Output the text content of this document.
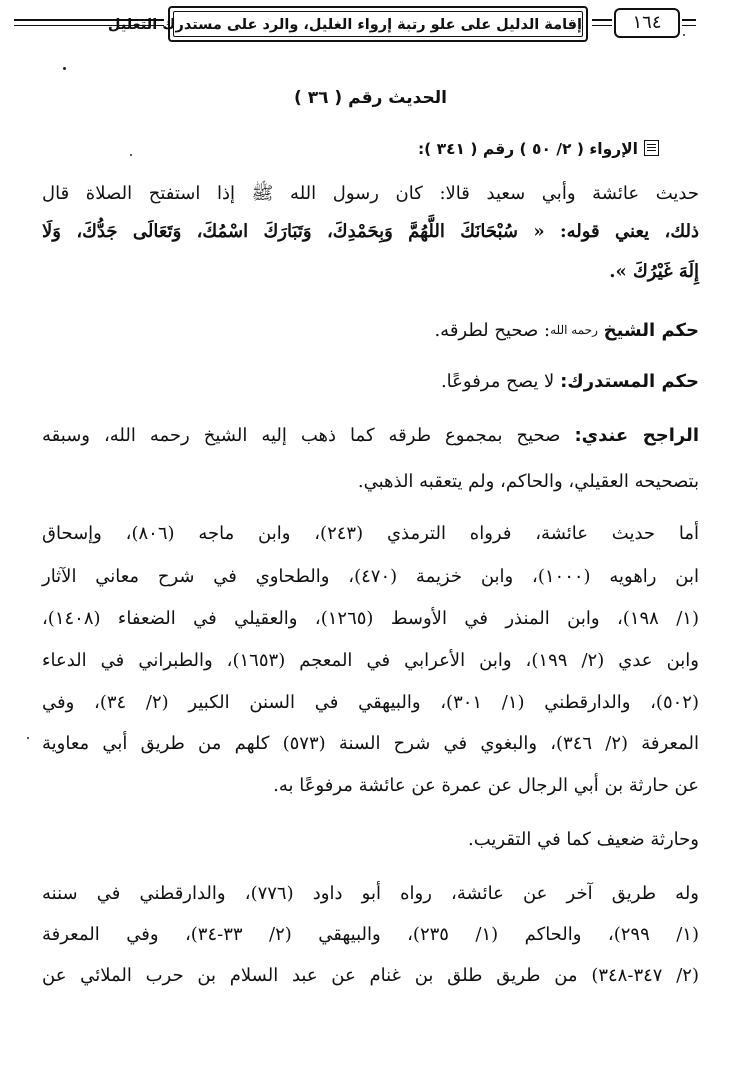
إقامة الدليل على علو رتبة إرواء الغليل، والرد على مستدرك التعليل	١٦٤
الحديث رقم ( ٣٦ )
الإرواء ( ٢/ ٥٠ ) رقم ( ٣٤١ ):
حديث عائشة وأبي سعيد قالا: كان رسول الله ﷺ إذا استفتح الصلاة قال
ذلك، يعني قوله: « سُبْحَانَكَ اللَّهُمَّ وَبِحَمْدِكَ، وَتَبَارَكَ اسْمُكَ، وَتَعَالَى جَدُّكَ، وَلَا
إِلَهَ غَيْرُكَ ».
حكم الشيخ رحمه الله: صحيح لطرقه.
حكم المستدرك: لا يصح مرفوعًا.
الراجح عندي: صحيح بمجموع طرقه كما ذهب إليه الشيخ رحمه الله، وسبقه
بتصحيحه العقيلي، والحاكم، ولم يتعقبه الذهبي.
أما حديث عائشة، فرواه الترمذي (٢٤٣)، وابن ماجه (٨٠٦)، وإسحاق
ابن راهويه (١٠٠٠)، وابن خزيمة (٤٧٠)، والطحاوي في شرح معاني الآثار
(١/ ١٩٨)، وابن المنذر في الأوسط (١٢٦٥)، والعقيلي في الضعفاء (١٤٠٨)،
وابن عدي (٢/ ١٩٩)، وابن الأعرابي في المعجم (١٦٥٣)، والطبراني في الدعاء
(٥٠٢)، والدارقطني (١/ ٣٠١)، والبيهقي في السنن الكبير (٢/ ٣٤)، وفي
المعرفة (٢/ ٣٤٦)، والبغوي في شرح السنة (٥٧٣) كلهم من طريق أبي معاوية
عن حارثة بن أبي الرجال عن عمرة عن عائشة مرفوعًا به.
وحارثة ضعيف كما في التقريب.
وله طريق آخر عن عائشة، رواه أبو داود (٧٧٦)، والدارقطني في سننه
(١/ ٢٩٩)، والحاكم (١/ ٢٣٥)، والبيهقي (٢/ ٣٣-٣٤)، وفي المعرفة
(٢/ ٣٤٧-٣٤٨) من طريق طلق بن غنام عن عبد السلام بن حرب الملائي عن
